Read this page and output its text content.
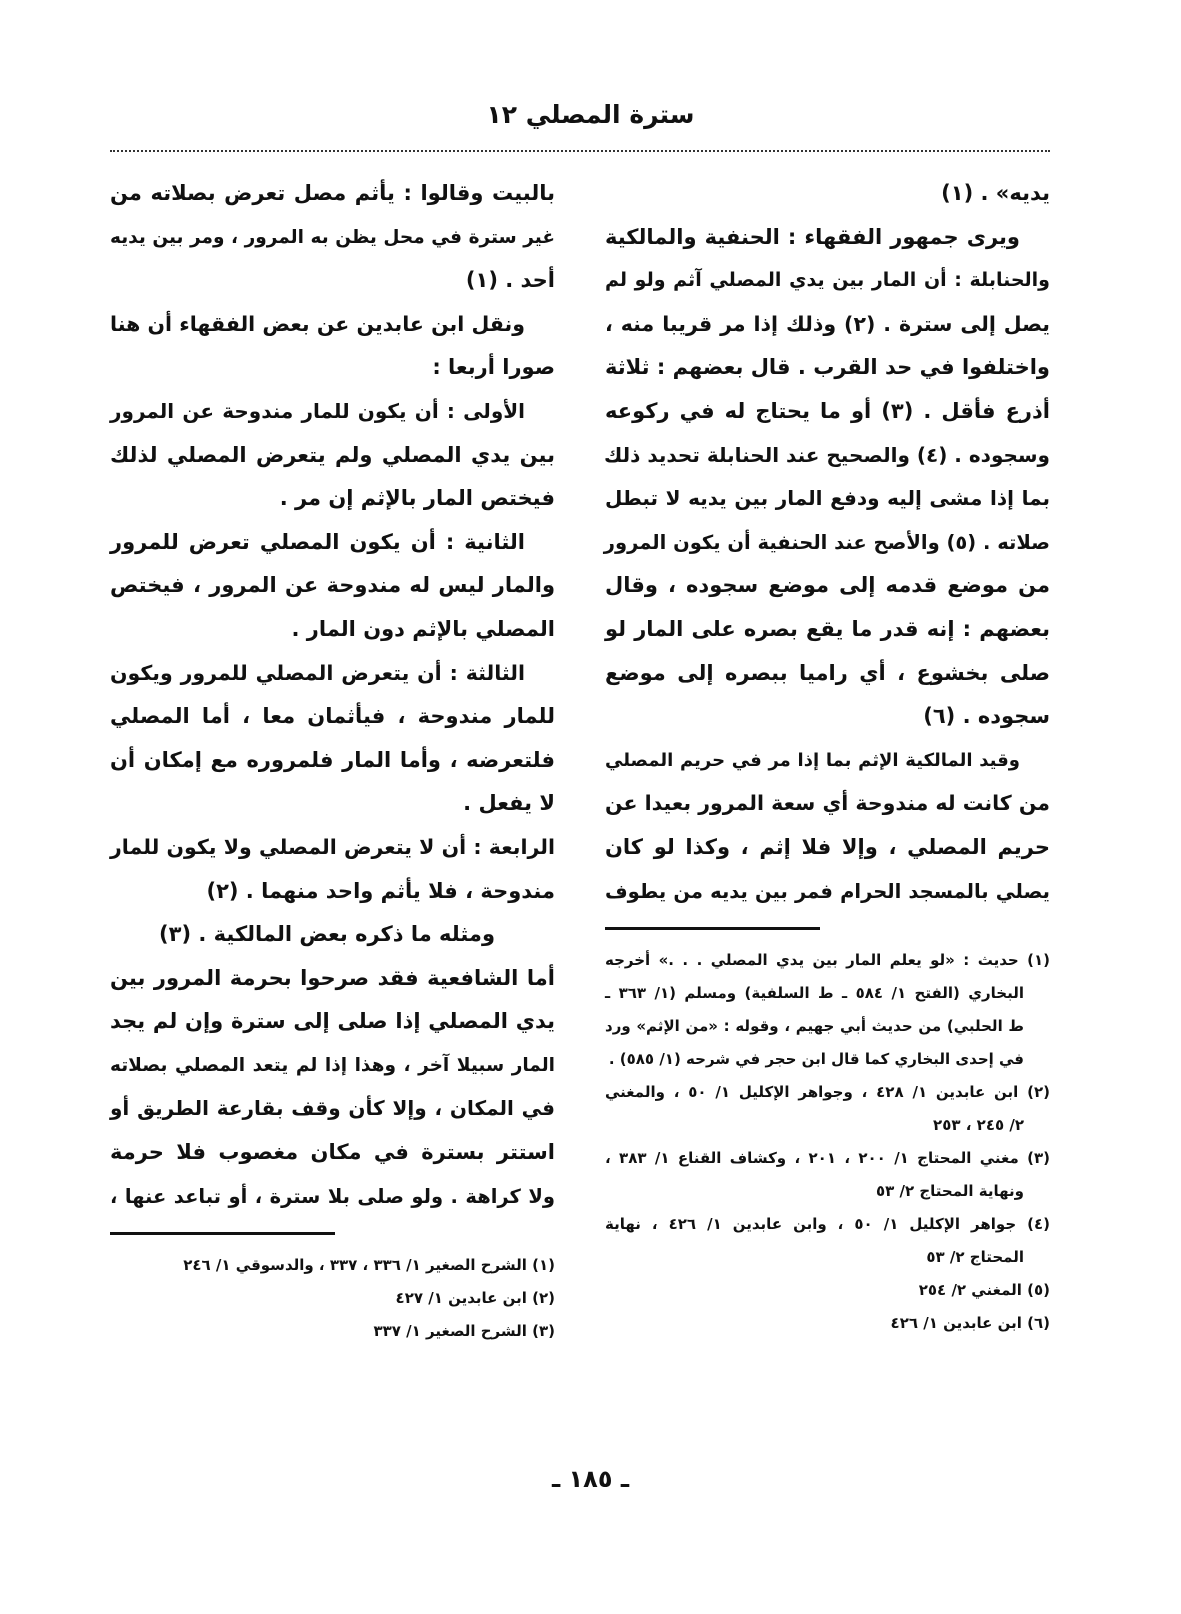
سترة المصلي ١٢
يديه» . (١)
ويرى جمهور الفقهاء : الحنفية والمالكية
والحنابلة : أن المار بين يدي المصلي آثم ولو لم
يصل إلى سترة . (٢) وذلك إذا مر قريبا منه ،
واختلفوا في حد القرب . قال بعضهم : ثلاثة
أذرع فأقل . (٣) أو ما يحتاج له في ركوعه
وسجوده . (٤) والصحيح عند الحنابلة تحديد ذلك
بما إذا مشى إليه ودفع المار بين يديه لا تبطل
صلاته . (٥) والأصح عند الحنفية أن يكون المرور
من موضع قدمه إلى موضع سجوده ، وقال
بعضهم : إنه قدر ما يقع بصره على المار لو
صلى بخشوع ، أي راميا ببصره إلى موضع
سجوده . (٦)
وقيد المالكية الإثم بما إذا مر في حريم المصلي
من كانت له مندوحة أي سعة المرور بعيدا عن
حريم المصلي ، وإلا فلا إثم ، وكذا لو كان
يصلي بالمسجد الحرام فمر بين يديه من يطوف
(١) حديث : «لو يعلم المار بين يدي المصلي . . .» أخرجه
البخاري (الفتح ١/ ٥٨٤ ـ ط السلفية) ومسلم (١/ ٣٦٣ ـ
ط الحلبي) من حديث أبي جهيم ، وقوله : «من الإثم» ورد
في إحدى البخاري كما قال ابن حجر في شرحه (١/ ٥٨٥) .
(٢) ابن عابدين ١/ ٤٢٨ ، وجواهر الإكليل ١/ ٥٠ ، والمغني
٢/ ٢٤٥ ، ٢٥٣
(٣) مغني المحتاج ١/ ٢٠٠ ، ٢٠١ ، وكشاف القناع ١/ ٣٨٣ ،
ونهاية المحتاج ٢/ ٥٣
(٤) جواهر الإكليل ١/ ٥٠ ، وابن عابدين ١/ ٤٢٦ ، نهاية
المحتاج ٢/ ٥٣
(٥) المغني ٢/ ٢٥٤
(٦) ابن عابدين ١/ ٤٢٦
بالبيت وقالوا : يأثم مصل تعرض بصلاته من
غير سترة في محل يظن به المرور ، ومر بين يديه
أحد . (١)
ونقل ابن عابدين عن بعض الفقهاء أن هنا
صورا أربعا :
الأولى : أن يكون للمار مندوحة عن المرور
بين يدي المصلي ولم يتعرض المصلي لذلك
فيختص المار بالإثم إن مر .
الثانية : أن يكون المصلي تعرض للمرور
والمار ليس له مندوحة عن المرور ، فيختص
المصلي بالإثم دون المار .
الثالثة : أن يتعرض المصلي للمرور ويكون
للمار مندوحة ، فيأثمان معا ، أما المصلي
فلتعرضه ، وأما المار فلمروره مع إمكان أن
لا يفعل .
الرابعة : أن لا يتعرض المصلي ولا يكون للمار
مندوحة ، فلا يأثم واحد منهما . (٢)
ومثله ما ذكره بعض المالكية . (٣)
أما الشافعية فقد صرحوا بحرمة المرور بين
يدي المصلي إذا صلى إلى سترة وإن لم يجد
المار سبيلا آخر ، وهذا إذا لم يتعد المصلي بصلاته
في المكان ، وإلا كأن وقف بقارعة الطريق أو
استتر بسترة في مكان مغصوب فلا حرمة
ولا كراهة . ولو صلى بلا سترة ، أو تباعد عنها ،
(١) الشرح الصغير ١/ ٣٣٦ ، ٣٣٧ ، والدسوقي ١/ ٢٤٦
(٢) ابن عابدين ١/ ٤٢٧
(٣) الشرح الصغير ١/ ٣٣٧
ـ ١٨٥ ـ
